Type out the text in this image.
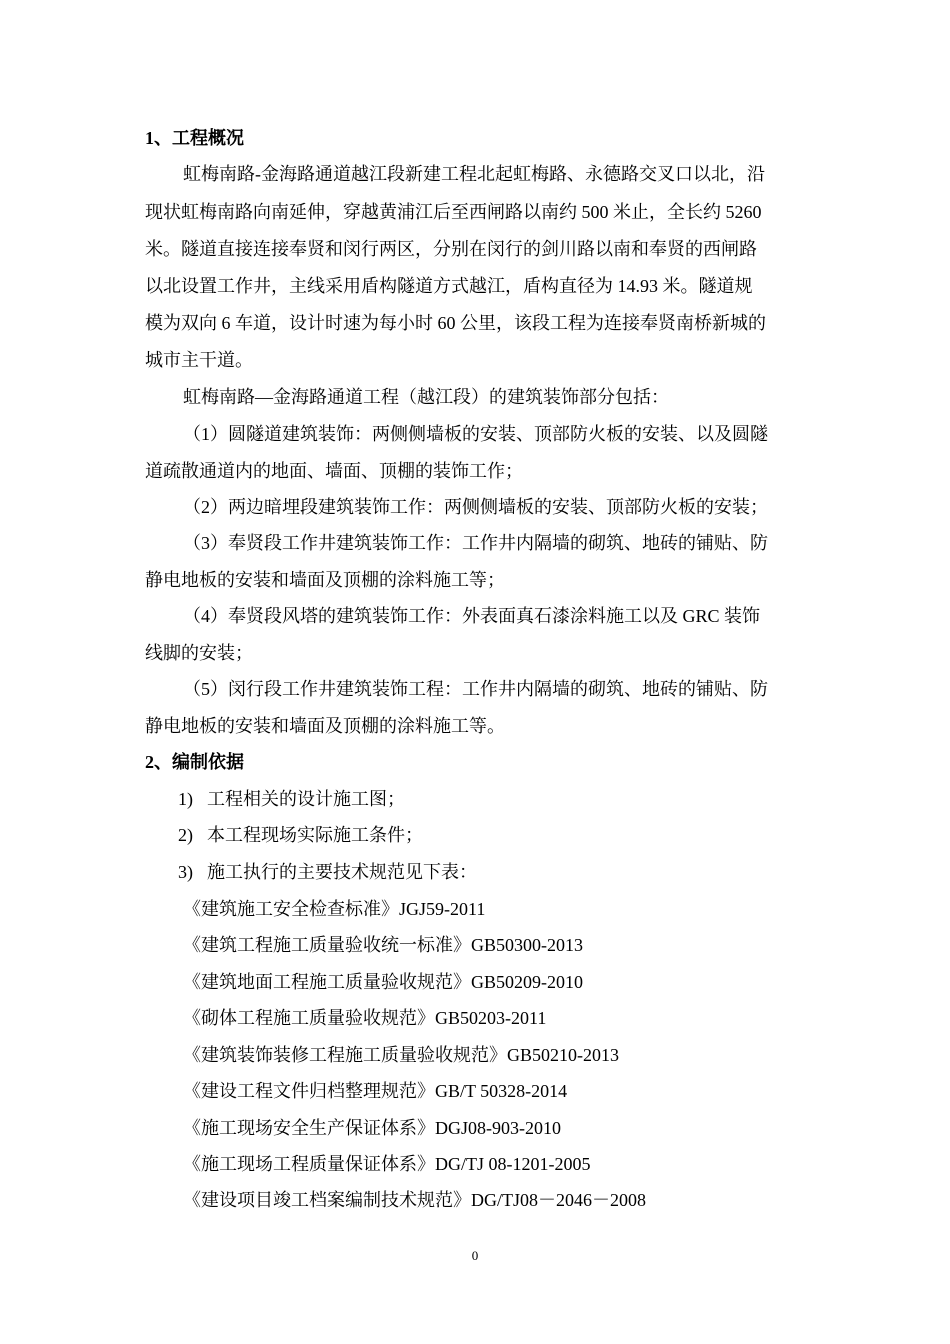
1、工程概况
虹梅南路-金海路通道越江段新建工程北起虹梅路、永德路交叉口以北，沿
现状虹梅南路向南延伸，穿越黄浦江后至西闸路以南约 500 米止，全长约 5260
米。隧道直接连接奉贤和闵行两区，分别在闵行的剑川路以南和奉贤的西闸路
以北设置工作井，主线采用盾构隧道方式越江，盾构直径为 14.93 米。隧道规
模为双向 6 车道，设计时速为每小时 60 公里，该段工程为连接奉贤南桥新城的
城市主干道。
虹梅南路—金海路通道工程（越江段）的建筑装饰部分包括：
（1）圆隧道建筑装饰：两侧侧墙板的安装、顶部防火板的安装、以及圆隧
道疏散通道内的地面、墙面、顶棚的装饰工作；
（2）两边暗埋段建筑装饰工作：两侧侧墙板的安装、顶部防火板的安装；
（3）奉贤段工作井建筑装饰工作：工作井内隔墙的砌筑、地砖的铺贴、防
静电地板的安装和墙面及顶棚的涂料施工等；
（4）奉贤段风塔的建筑装饰工作：外表面真石漆涂料施工以及 GRC 装饰
线脚的安装；
（5）闵行段工作井建筑装饰工程：工作井内隔墙的砌筑、地砖的铺贴、防
静电地板的安装和墙面及顶棚的涂料施工等。
2、编制依据
1) 工程相关的设计施工图；
2) 本工程现场实际施工条件；
3) 施工执行的主要技术规范见下表：
《建筑施工安全检查标准》JGJ59-2011
《建筑工程施工质量验收统一标准》GB50300-2013
《建筑地面工程施工质量验收规范》GB50209-2010
《砌体工程施工质量验收规范》GB50203-2011
《建筑装饰装修工程施工质量验收规范》GB50210-2013
《建设工程文件归档整理规范》GB/T 50328-2014
《施工现场安全生产保证体系》DGJ08-903-2010
《施工现场工程质量保证体系》DG/TJ 08-1201-2005
《建设项目竣工档案编制技术规范》DG/TJ08－2046－2008
0
